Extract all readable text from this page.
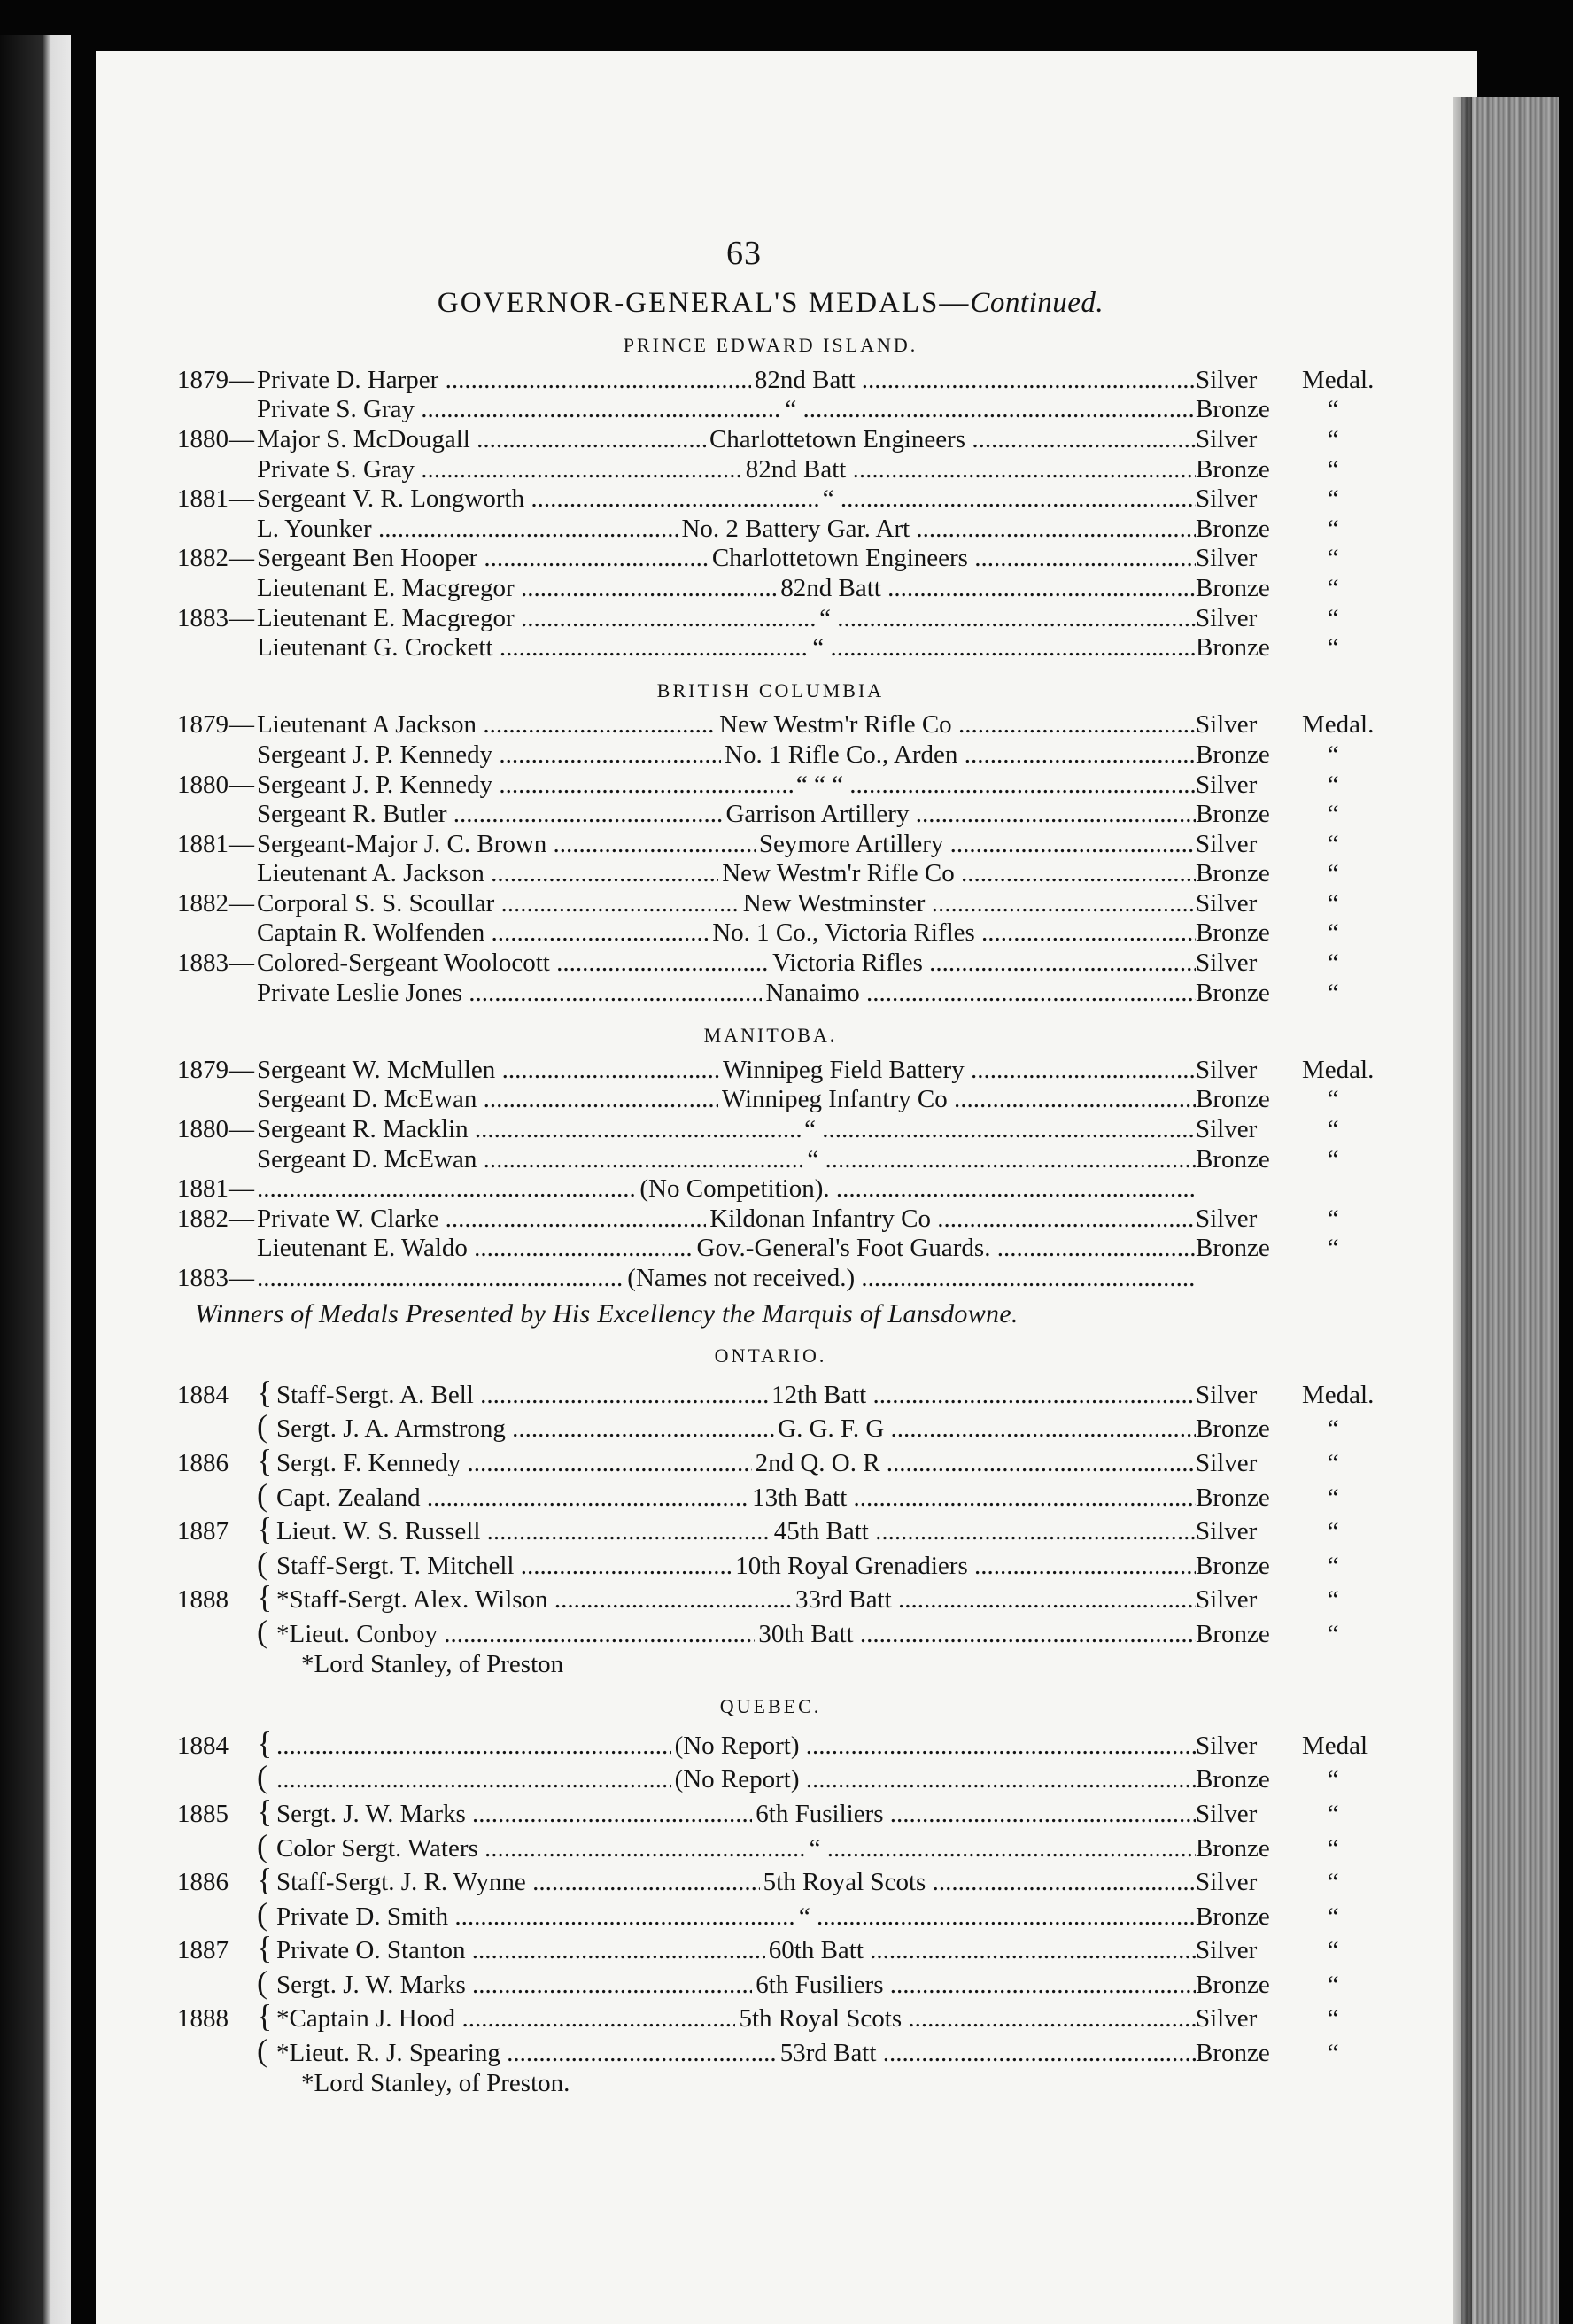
63
GOVERNOR-GENERAL'S MEDALS—Continued.
PRINCE EDWARD ISLAND.
1879— Private D. Harper .....	82nd Batt .....	Silver	Medal.
Private S. Gray .....	“ .....	Bronze	“
1880— Major S. McDougall .....	Charlottetown Engineers .....	Silver	“
Private S. Gray .....	82nd Batt .....	Bronze	“
1881— Sergeant V. R. Longworth .....	“ .....	Silver	“
L. Younker .....	No. 2 Battery Gar. Art .....	Bronze	“
1882— Sergeant Ben Hooper .....	Charlottetown Engineers .....	Silver	“
Lieutenant E. Macgregor .....	82nd Batt .....	Bronze	“
1883— Lieutenant E. Macgregor .....	“ .....	Silver	“
Lieutenant G. Crockett .....	“ .....	Bronze	“
BRITISH COLUMBIA
1879— Lieutenant A Jackson .....	New Westm'r Rifle Co .....	Silver	Medal.
Sergeant J. P. Kennedy .....	No. 1 Rifle Co., Arden .....	Bronze	“
1880— Sergeant J. P. Kennedy .....	“ “ “ .....	Silver	“
Sergeant R. Butler .....	Garrison Artillery .....	Bronze	“
1881— Sergeant-Major J. C. Brown .....	Seymore Artillery .....	Silver	“
Lieutenant A. Jackson .....	New Westm'r Rifle Co .....	Bronze	“
1882— Corporal S. S. Scoullar .....	New Westminster .....	Silver	“
Captain R. Wolfenden .....	No. 1 Co., Victoria Rifles .....	Bronze	“
1883— Colored-Sergeant Woolocott .....	Victoria Rifles .....	Silver	“
Private Leslie Jones .....	Nanaimo .....	Bronze	“
MANITOBA.
1879— Sergeant W. McMullen .....	Winnipeg Field Battery .....	Silver	Medal.
Sergeant D. McEwan .....	Winnipeg Infantry Co .....	Bronze	“
1880— Sergeant R. Macklin .....	“ .....	Silver	“
Sergeant D. McEwan .....	“ .....	Bronze	“
1881— .....	(No Competition). .....
1882— Private W. Clarke .....	Kildonan Infantry Co .....	Silver	“
Lieutenant E. Waldo .....	Gov.-General's Foot Guards. .....	Bronze	“
1883— .....	(Names not received.) .....
Winners of Medals Presented by His Excellency the Marquis of Lansdowne.
ONTARIO.
1884 { Staff-Sergt. A. Bell .....	12th Batt .....	Silver	Medal.
( Sergt. J. A. Armstrong .....	G. G. F. G .....	Bronze	“
1886 { Sergt. F. Kennedy .....	2nd Q. O. R .....	Silver	“
( Capt. Zealand .....	13th Batt .....	Bronze	“
1887 { Lieut. W. S. Russell .....	45th Batt .....	Silver	“
( Staff-Sergt. T. Mitchell .....	10th Royal Grenadiers .....	Bronze	“
1888 { *Staff-Sergt. Alex. Wilson .....	33rd Batt .....	Silver	“
( *Lieut. Conboy .....	30th Batt .....	Bronze	“
*Lord Stanley, of Preston
QUEBEC.
1884 { .....	(No Report) .....	Silver	Medal
( .....	(No Report) .....	Bronze	“
1885 { Sergt. J. W. Marks .....	6th Fusiliers .....	Silver	“
( Color Sergt. Waters .....	“ .....	Bronze	“
1886 { Staff-Sergt. J. R. Wynne .....	5th Royal Scots .....	Silver	“
( Private D. Smith .....	“ .....	Bronze	“
1887 { Private O. Stanton .....	60th Batt .....	Silver	“
( Sergt. J. W. Marks .....	6th Fusiliers .....	Bronze	“
1888 { *Captain J. Hood .....	5th Royal Scots .....	Silver	“
( *Lieut. R. J. Spearing .....	53rd Batt .....	Bronze	“
*Lord Stanley, of Preston.
